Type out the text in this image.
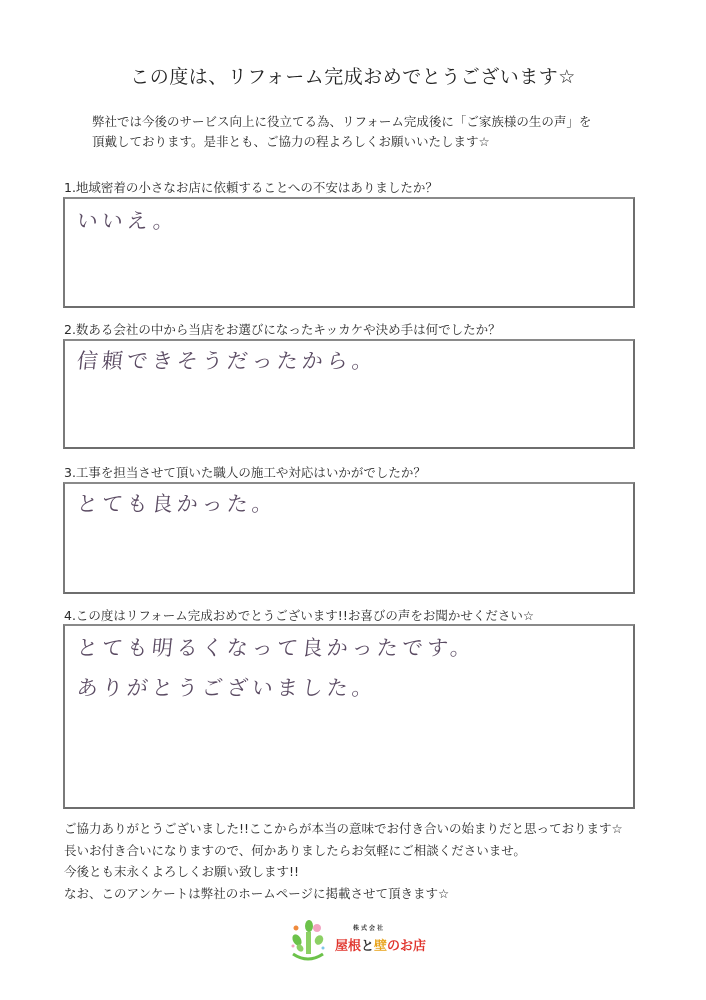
この度は、リフォーム完成おめでとうございます☆
弊社では今後のサービス向上に役立てる為、リフォーム完成後に「ご家族様の生の声」を
頂戴しております。是非とも、ご協力の程よろしくお願いいたします☆
1.地域密着の小さなお店に依頼することへの不安はありましたか？
いいえ。
2.数ある会社の中から当店をお選びになったキッカケや決め手は何でしたか？
信頼できそうだったから。
3.工事を担当させて頂いた職人の施工や対応はいかがでしたか？
とても良かった。
4.この度はリフォーム完成おめでとうございます!!お喜びの声をお聞かせください☆
とても明るくなって良かったです。
ありがとうございました。
ご協力ありがとうございました!!ここからが本当の意味でお付き合いの始まりだと思っております☆
長いお付き合いになりますので、何かありましたらお気軽にご相談くださいませ。
今後とも末永くよろしくお願い致します!!
なお、このアンケートは弊社のホームページに掲載させて頂きます☆
株式会社
屋根と壁のお店
